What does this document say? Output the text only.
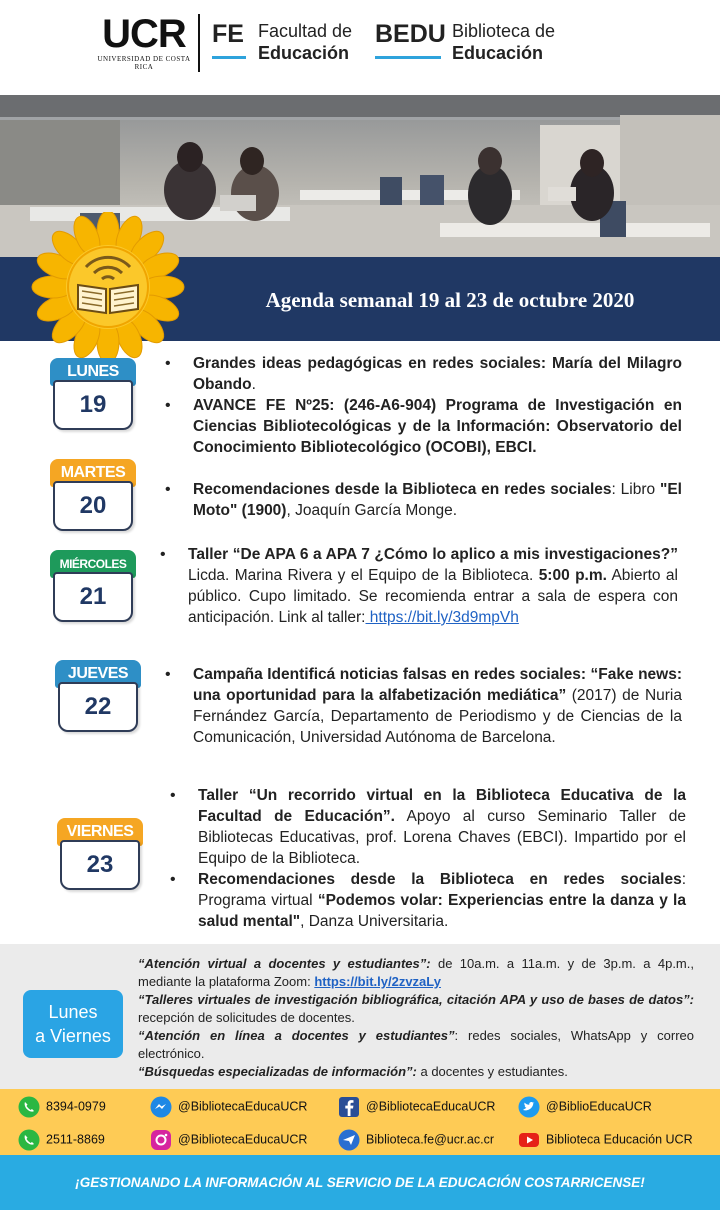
UCR
UNIVERSIDAD DE COSTA RICA
FE Facultad de
Educación
BEDU Biblioteca de
Educación
Agenda semanal 19 al 23 de octubre 2020
LUNES
19
• Grandes ideas pedagógicas en redes sociales: María del Milagro Obando.
• AVANCE FE Nº25: (246-A6-904) Programa de Investigación en Ciencias Bibliotecológicas y de la Información: Observatorio del Conocimiento Bibliotecológico (OCOBI), EBCI.
MARTES
20
• Recomendaciones desde la Biblioteca en redes sociales: Libro "El Moto" (1900), Joaquín García Monge.
MIÉRCOLES
21
• Taller “De APA 6 a APA 7 ¿Cómo lo aplico a mis investigaciones?” Licda. Marina Rivera y el Equipo de la Biblioteca. 5:00 p.m. Abierto al público. Cupo limitado. Se recomienda entrar a sala de espera con anticipación. Link al taller: https://bit.ly/3d9mpVh
JUEVES
22
• Campaña Identificá noticias falsas en redes sociales: “Fake news: una oportunidad para la alfabetización mediática” (2017) de Nuria Fernández García, Departamento de Periodismo y de Ciencias de la Comunicación, Universidad Autónoma de Barcelona.
VIERNES
23
• Taller “Un recorrido virtual en la Biblioteca Educativa de la Facultad de Educación”. Apoyo al curso Seminario Taller de Bibliotecas Educativas, prof. Lorena Chaves (EBCI). Impartido por el Equipo de la Biblioteca.
• Recomendaciones desde la Biblioteca en redes sociales: Programa virtual “Podemos volar: Experiencias entre la danza y la salud mental", Danza Universitaria.
Lunes
a Viernes

“Atención virtual a docentes y estudiantes”: de 10a.m. a 11a.m. y de 3p.m. a 4p.m., mediante la plataforma Zoom: https://bit.ly/2zvzaLy

“Talleres virtuales de investigación bibliográfica, citación APA y uso de bases de datos”: recepción de solicitudes de docentes.

“Atención en línea a docentes y estudiantes”: redes sociales, WhatsApp y correo electrónico.

“Búsquedas especializadas de información”: a docentes y estudiantes.

8394-0979
2511-8869
@BibliotecaEducaUCR
@BibliotecaEducaUCR
@BibliotecaEducaUCR
Biblioteca.fe@ucr.ac.cr
@BiblioEducaUCR
Biblioteca Educación UCR
¡GESTIONANDO LA INFORMACIÓN AL SERVICIO DE LA EDUCACIÓN COSTARRICENSE!
